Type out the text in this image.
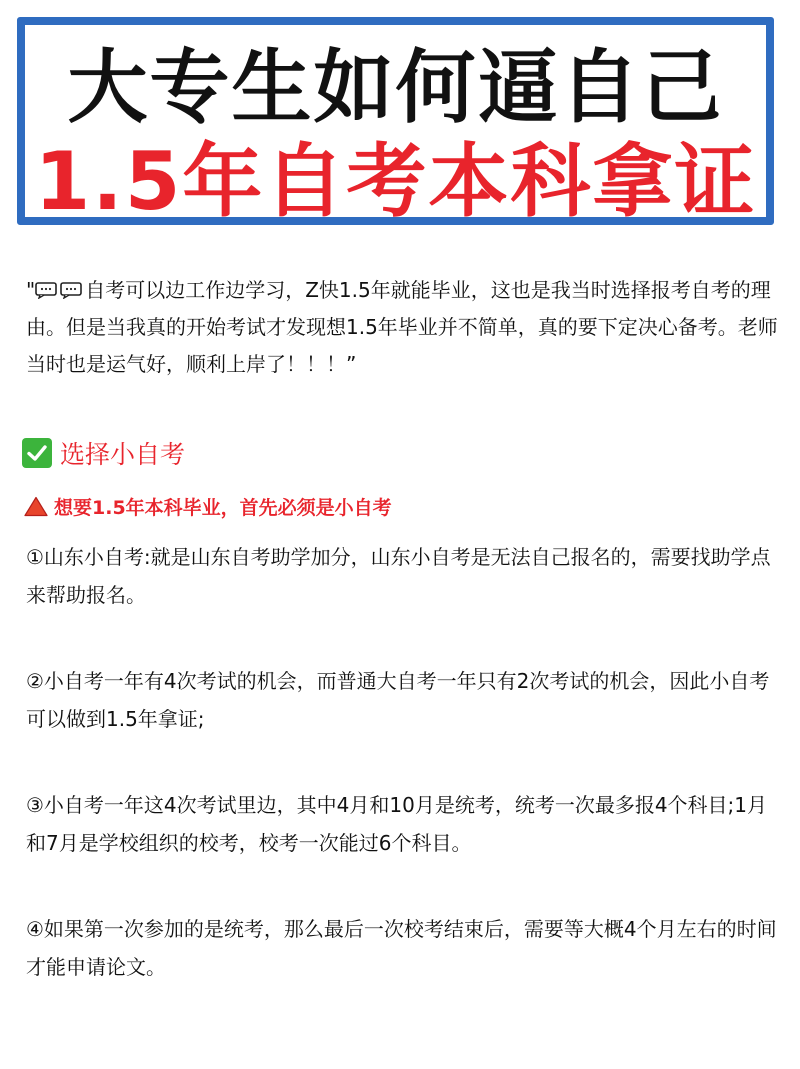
大专生如何逼自己
1.5年自考本科拿证
"	自考可以边工作边学习，Z快1.5年就能毕业，这也是我当时选择报考自考的理由。但是当我真的开始考试才发现想1.5年毕业并不简单，真的要下定决心备考。老师当时也是运气好，顺利上岸了！！！”
选择小自考
想要1.5年本科毕业，首先必须是小自考
①山东小自考:就是山东自考助学加分，山东小自考是无法自己报名的，需要找助学点来帮助报名。
②小自考一年有4次考试的机会，而普通大自考一年只有2次考试的机会，因此小自考可以做到1.5年拿证;
③小自考一年这4次考试里边，其中4月和10月是统考，统考一次最多报4个科目;1月和7月是学校组织的校考，校考一次能过6个科目。
④如果第一次参加的是统考，那么最后一次校考结束后，需要等大概4个月左右的时间才能申请论文。
